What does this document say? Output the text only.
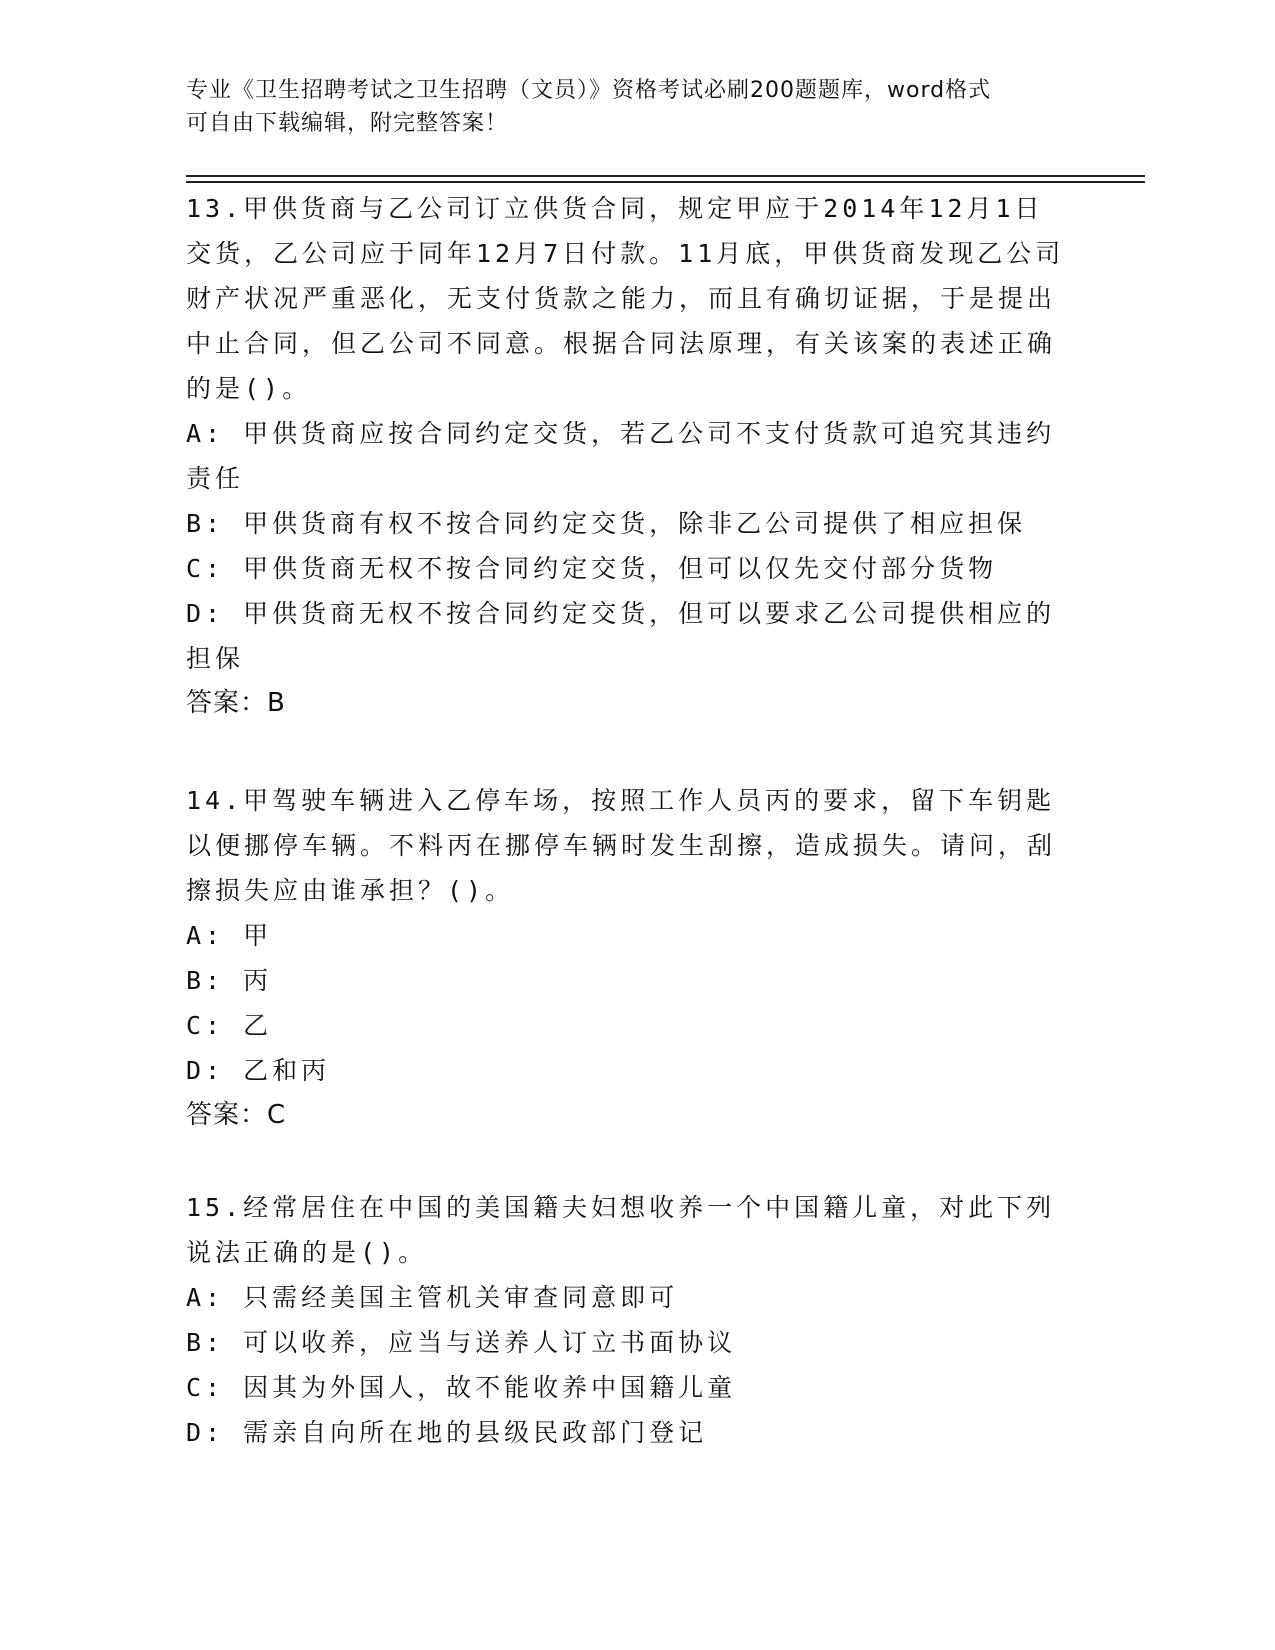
专业《卫生招聘考试之卫生招聘（文员）》资格考试必刷200题题库，word格式
可自由下载编辑，附完整答案！

13.甲供货商与乙公司订立供货合同，规定甲应于2014年12月1日交货，乙公司应于同年12月7日付款。11月底，甲供货商发现乙公司财产状况严重恶化，无支付货款之能力，而且有确切证据，于是提出中止合同，但乙公司不同意。根据合同法原理，有关该案的表述正确的是()。

A: 甲供货商应按合同约定交货，若乙公司不支付货款可追究其违约责任

B: 甲供货商有权不按合同约定交货，除非乙公司提供了相应担保

C: 甲供货商无权不按合同约定交货，但可以仅先交付部分货物

D: 甲供货商无权不按合同约定交货，但可以要求乙公司提供相应的担保

答案：B

14.甲驾驶车辆进入乙停车场，按照工作人员丙的要求，留下车钥匙以便挪停车辆。不料丙在挪停车辆时发生刮擦，造成损失。请问，刮擦损失应由谁承担？()。

A: 甲

B: 丙

C: 乙

D: 乙和丙

答案：C

15.经常居住在中国的美国籍夫妇想收养一个中国籍儿童，对此下列说法正确的是()。

A: 只需经美国主管机关审查同意即可

B: 可以收养，应当与送养人订立书面协议

C: 因其为外国人，故不能收养中国籍儿童

D: 需亲自向所在地的县级民政部门登记
